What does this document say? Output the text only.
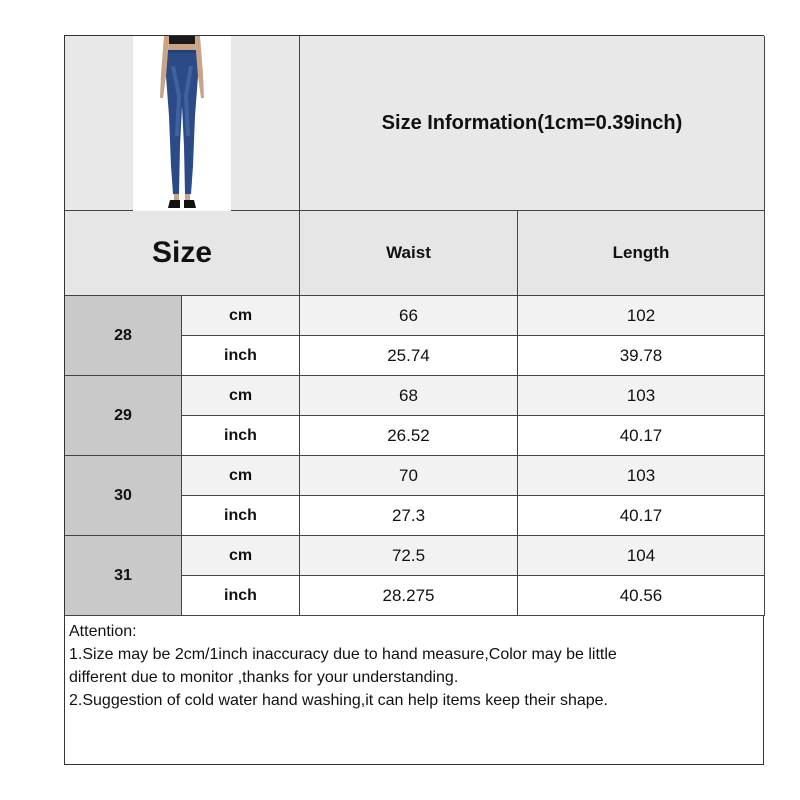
Size Information(1cm=0.39inch)
Size	Waist	Length
28
cm	66	102
inch	25.74	39.78
29
cm	68	103
inch	26.52	40.17
30
cm	70	103
inch	27.3	40.17
31
cm	72.5	104
inch	28.275	40.56

Attention:

1.Size may be 2cm/1inch inaccuracy due to hand measure,Color may be little

different due to monitor ,thanks for your understanding.

2.Suggestion of cold water hand washing,it can help items keep their shape.
